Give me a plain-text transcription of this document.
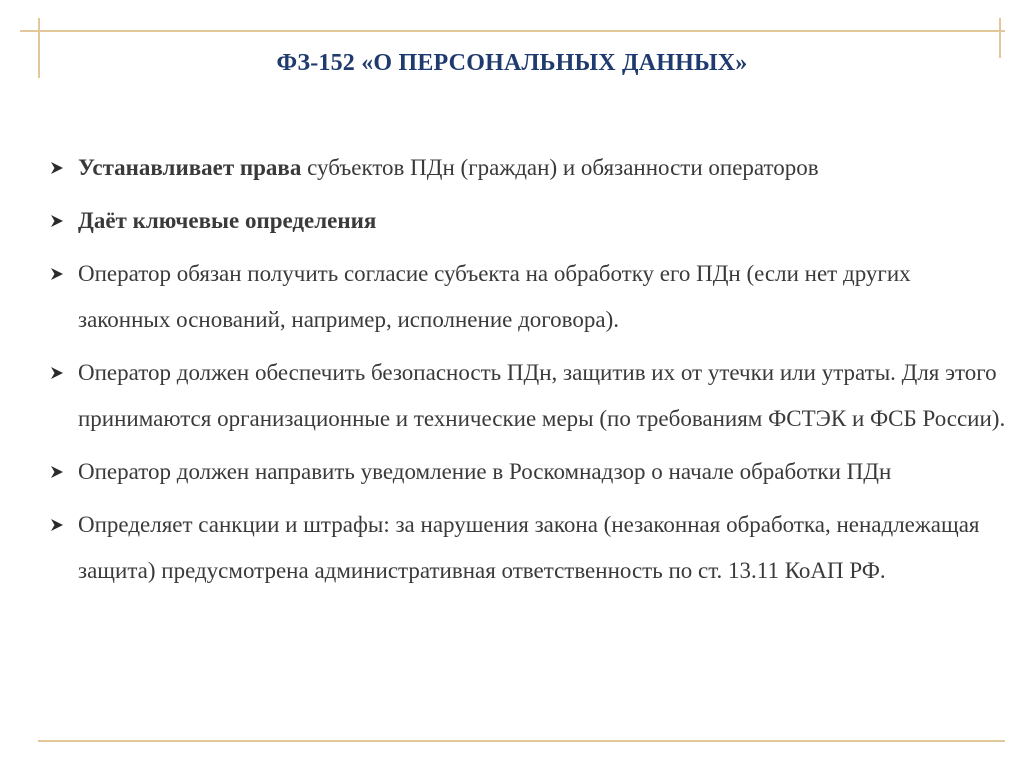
ФЗ-152 «О ПЕРСОНАЛЬНЫХ ДАННЫХ»
Устанавливает права субъектов ПДн (граждан) и обязанности операторов
Даёт ключевые определения
Оператор обязан получить согласие субъекта на обработку его ПДн (если нет других законных оснований, например, исполнение договора).
Оператор должен обеспечить безопасность ПДн, защитив их от утечки или утраты. Для этого принимаются организационные и технические меры (по требованиям ФСТЭК и ФСБ России).
Оператор должен направить уведомление в Роскомнадзор о начале обработки ПДн
Определяет санкции и штрафы: за нарушения закона (незаконная обработка, ненадлежащая защита) предусмотрена административная ответственность по ст. 13.11 КоАП РФ.
